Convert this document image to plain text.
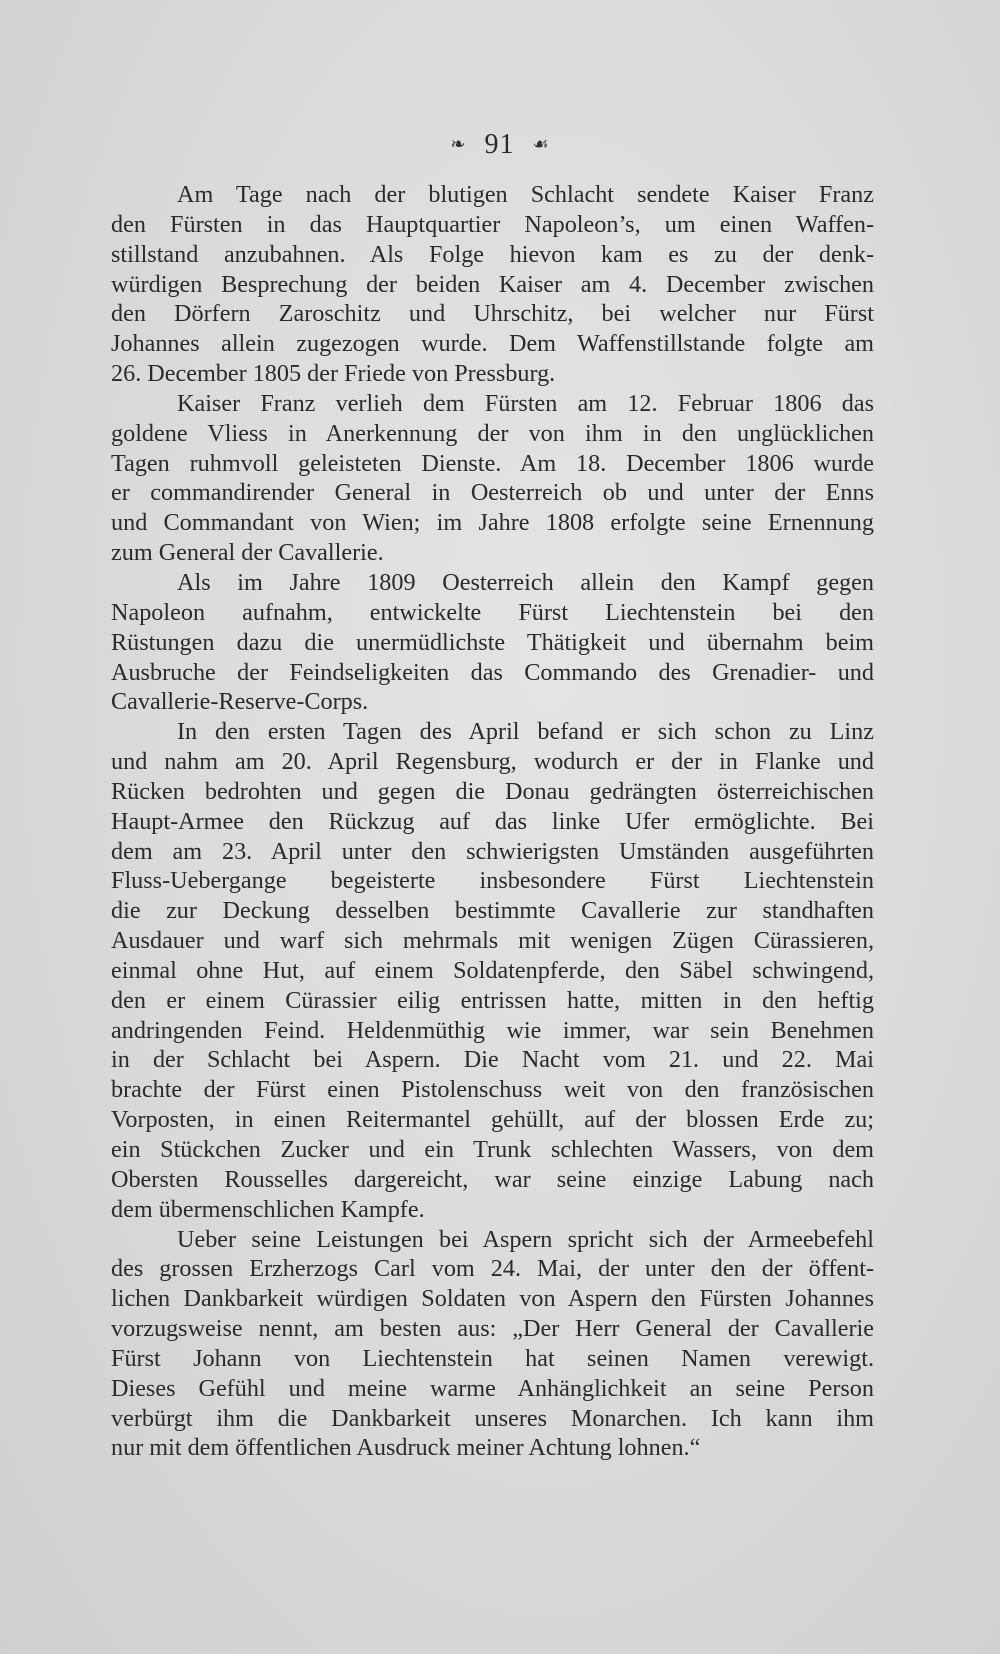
❧ 91 ☙
Am Tage nach der blutigen Schlacht sendete Kaiser Franz
den Fürsten in das Hauptquartier Napoleon’s, um einen Waffen-
stillstand anzubahnen. Als Folge hievon kam es zu der denk-
würdigen Besprechung der beiden Kaiser am 4. December zwischen
den Dörfern Zaroschitz und Uhrschitz, bei welcher nur Fürst
Johannes allein zugezogen wurde. Dem Waffenstillstande folgte am
26. December 1805 der Friede von Pressburg.
Kaiser Franz verlieh dem Fürsten am 12. Februar 1806 das
goldene Vliess in Anerkennung der von ihm in den unglücklichen
Tagen ruhmvoll geleisteten Dienste. Am 18. December 1806 wurde
er commandirender General in Oesterreich ob und unter der Enns
und Commandant von Wien; im Jahre 1808 erfolgte seine Ernennung
zum General der Cavallerie.
Als im Jahre 1809 Oesterreich allein den Kampf gegen
Napoleon aufnahm, entwickelte Fürst Liechtenstein bei den
Rüstungen dazu die unermüdlichste Thätigkeit und übernahm beim
Ausbruche der Feindseligkeiten das Commando des Grenadier- und
Cavallerie-Reserve-Corps.
In den ersten Tagen des April befand er sich schon zu Linz
und nahm am 20. April Regensburg, wodurch er der in Flanke und
Rücken bedrohten und gegen die Donau gedrängten österreichischen
Haupt-Armee den Rückzug auf das linke Ufer ermöglichte. Bei
dem am 23. April unter den schwierigsten Umständen ausgeführten
Fluss-Uebergange begeisterte insbesondere Fürst Liechtenstein
die zur Deckung desselben bestimmte Cavallerie zur standhaften
Ausdauer und warf sich mehrmals mit wenigen Zügen Cürassieren,
einmal ohne Hut, auf einem Soldatenpferde, den Säbel schwingend,
den er einem Cürassier eilig entrissen hatte, mitten in den heftig
andringenden Feind. Heldenmüthig wie immer, war sein Benehmen
in der Schlacht bei Aspern. Die Nacht vom 21. und 22. Mai
brachte der Fürst einen Pistolenschuss weit von den französischen
Vorposten, in einen Reitermantel gehüllt, auf der blossen Erde zu;
ein Stückchen Zucker und ein Trunk schlechten Wassers, von dem
Obersten Rousselles dargereicht, war seine einzige Labung nach
dem übermenschlichen Kampfe.
Ueber seine Leistungen bei Aspern spricht sich der Armeebefehl
des grossen Erzherzogs Carl vom 24. Mai, der unter den der öffent-
lichen Dankbarkeit würdigen Soldaten von Aspern den Fürsten Johannes
vorzugsweise nennt, am besten aus: „Der Herr General der Cavallerie
Fürst Johann von Liechtenstein hat seinen Namen verewigt.
Dieses Gefühl und meine warme Anhänglichkeit an seine Person
verbürgt ihm die Dankbarkeit unseres Monarchen. Ich kann ihm
nur mit dem öffentlichen Ausdruck meiner Achtung lohnen.“
